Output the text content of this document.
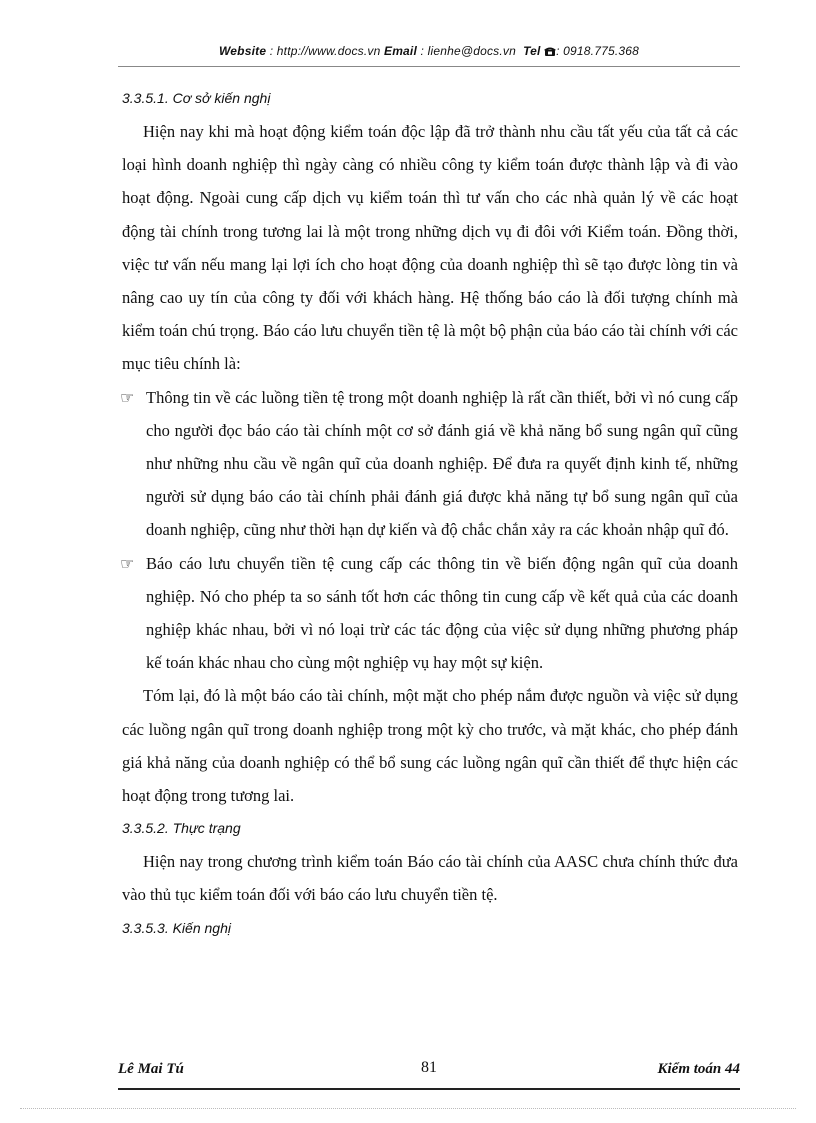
Website : http://www.docs.vn Email : lienhe@docs.vn  Tel : 0918.775.368

3.3.5.1. Cơ sở kiến nghị

Hiện nay khi mà hoạt động kiểm toán độc lập đã trở thành nhu cầu tất yếu của tất cả các loại hình doanh nghiệp thì ngày càng có nhiều công ty kiểm toán được thành lập và đi vào hoạt động. Ngoài cung cấp dịch vụ kiểm toán thì tư vấn cho các nhà quản lý về các hoạt động tài chính trong tương lai là một trong những dịch vụ đi đôi với Kiểm toán. Đồng thời, việc tư vấn nếu mang lại lợi ích cho hoạt động của doanh nghiệp thì sẽ tạo được lòng tin và nâng cao uy tín của công ty đối với khách hàng. Hệ thống báo cáo là đối tượng chính mà kiểm toán chú trọng. Báo cáo lưu chuyển tiền tệ là một bộ phận của báo cáo tài chính với các mục tiêu chính là:

☞ Thông tin về các luồng tiền tệ trong một doanh nghiệp là rất cần thiết, bởi vì nó cung cấp cho người đọc báo cáo tài chính một cơ sở đánh giá về khả năng bổ sung ngân quĩ cũng như những nhu cầu về ngân quĩ của doanh nghiệp. Để đưa ra quyết định kinh tế, những người sử dụng báo cáo tài chính phải đánh giá được khả năng tự bổ sung ngân quĩ của doanh nghiệp, cũng như thời hạn dự kiến và độ chắc chắn xảy ra các khoản nhập quĩ đó.
☞ Báo cáo lưu chuyển tiền tệ cung cấp các thông tin về biến động ngân quĩ của doanh nghiệp. Nó cho phép ta so sánh tốt hơn các thông tin cung cấp về kết quả của các doanh nghiệp khác nhau, bởi vì nó loại trừ các tác động của việc sử dụng những phương pháp kế toán khác nhau cho cùng một nghiệp vụ hay một sự kiện.

Tóm lại, đó là một báo cáo tài chính, một mặt cho phép nắm được nguồn và việc sử dụng các luồng ngân quĩ trong doanh nghiệp trong một kỳ cho trước, và mặt khác, cho phép đánh giá khả năng của doanh nghiệp có thể bổ sung các luồng ngân quĩ cần thiết để thực hiện các hoạt động trong tương lai.

3.3.5.2. Thực trạng

Hiện nay trong chương trình kiểm toán Báo cáo tài chính của AASC chưa chính thức đưa vào thủ tục kiểm toán đối với báo cáo lưu chuyển tiền tệ.

3.3.5.3. Kiến nghị

Lê Mai Tú	81	Kiểm toán 44
